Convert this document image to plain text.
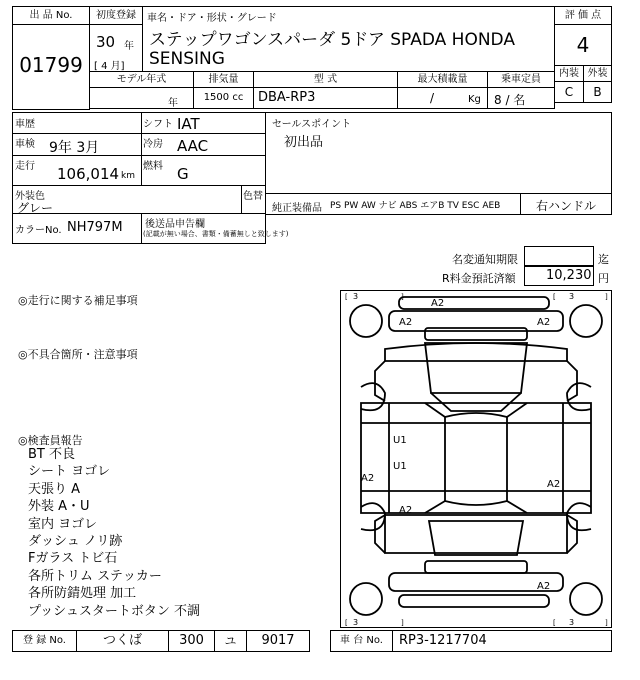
出 品 No.
01799
初度登録
30 年
[ 4 月]
車名・ドア・形状・グレード
ステップワゴンスパーダ 5ドア SPADA HONDA
SENSING
評 価 点
4
内装
C
外装
B
モデル年式
年
排気量
1500 cc
型 式
DBA-RP3
最大積載量
/	Kg
乗車定員
8 / 名
車歴	シフト IAT
車検 9年 3月	冷房 AAC
走行 106,014 km
燃料 G
外装色
グレー
色替
カラーNo. NH797M 後送品申告欄
(記載が無い場合、書類・備蓄無しと致します)
セールスポイント
初出品
純正装備品 PS PW AW ナビ ABS エアB TV ESC AEB	右ハンドル
名変通知期限	迄
R料金預託済額 10,230 円
◎走行に関する補足事項
◎不具合箇所・注意事項
◎検査員報告
BT 不良
シート ヨゴレ
天張り A
外装 A・U
室内 ヨゴレ
ダッシュ ノリ跡
Fガラス トビ石
各所トリム ステッカー
各所防錆処理 加工
プッシュスタートボタン 不調
[	]	[	]
[	]	[	]
3	3
3	3
A2
A2	A2
U1
U1
A2
A2
A2
A2
登 録 No.	つくば	300	ユ	9017	車 台 No.	RP3-1217704
